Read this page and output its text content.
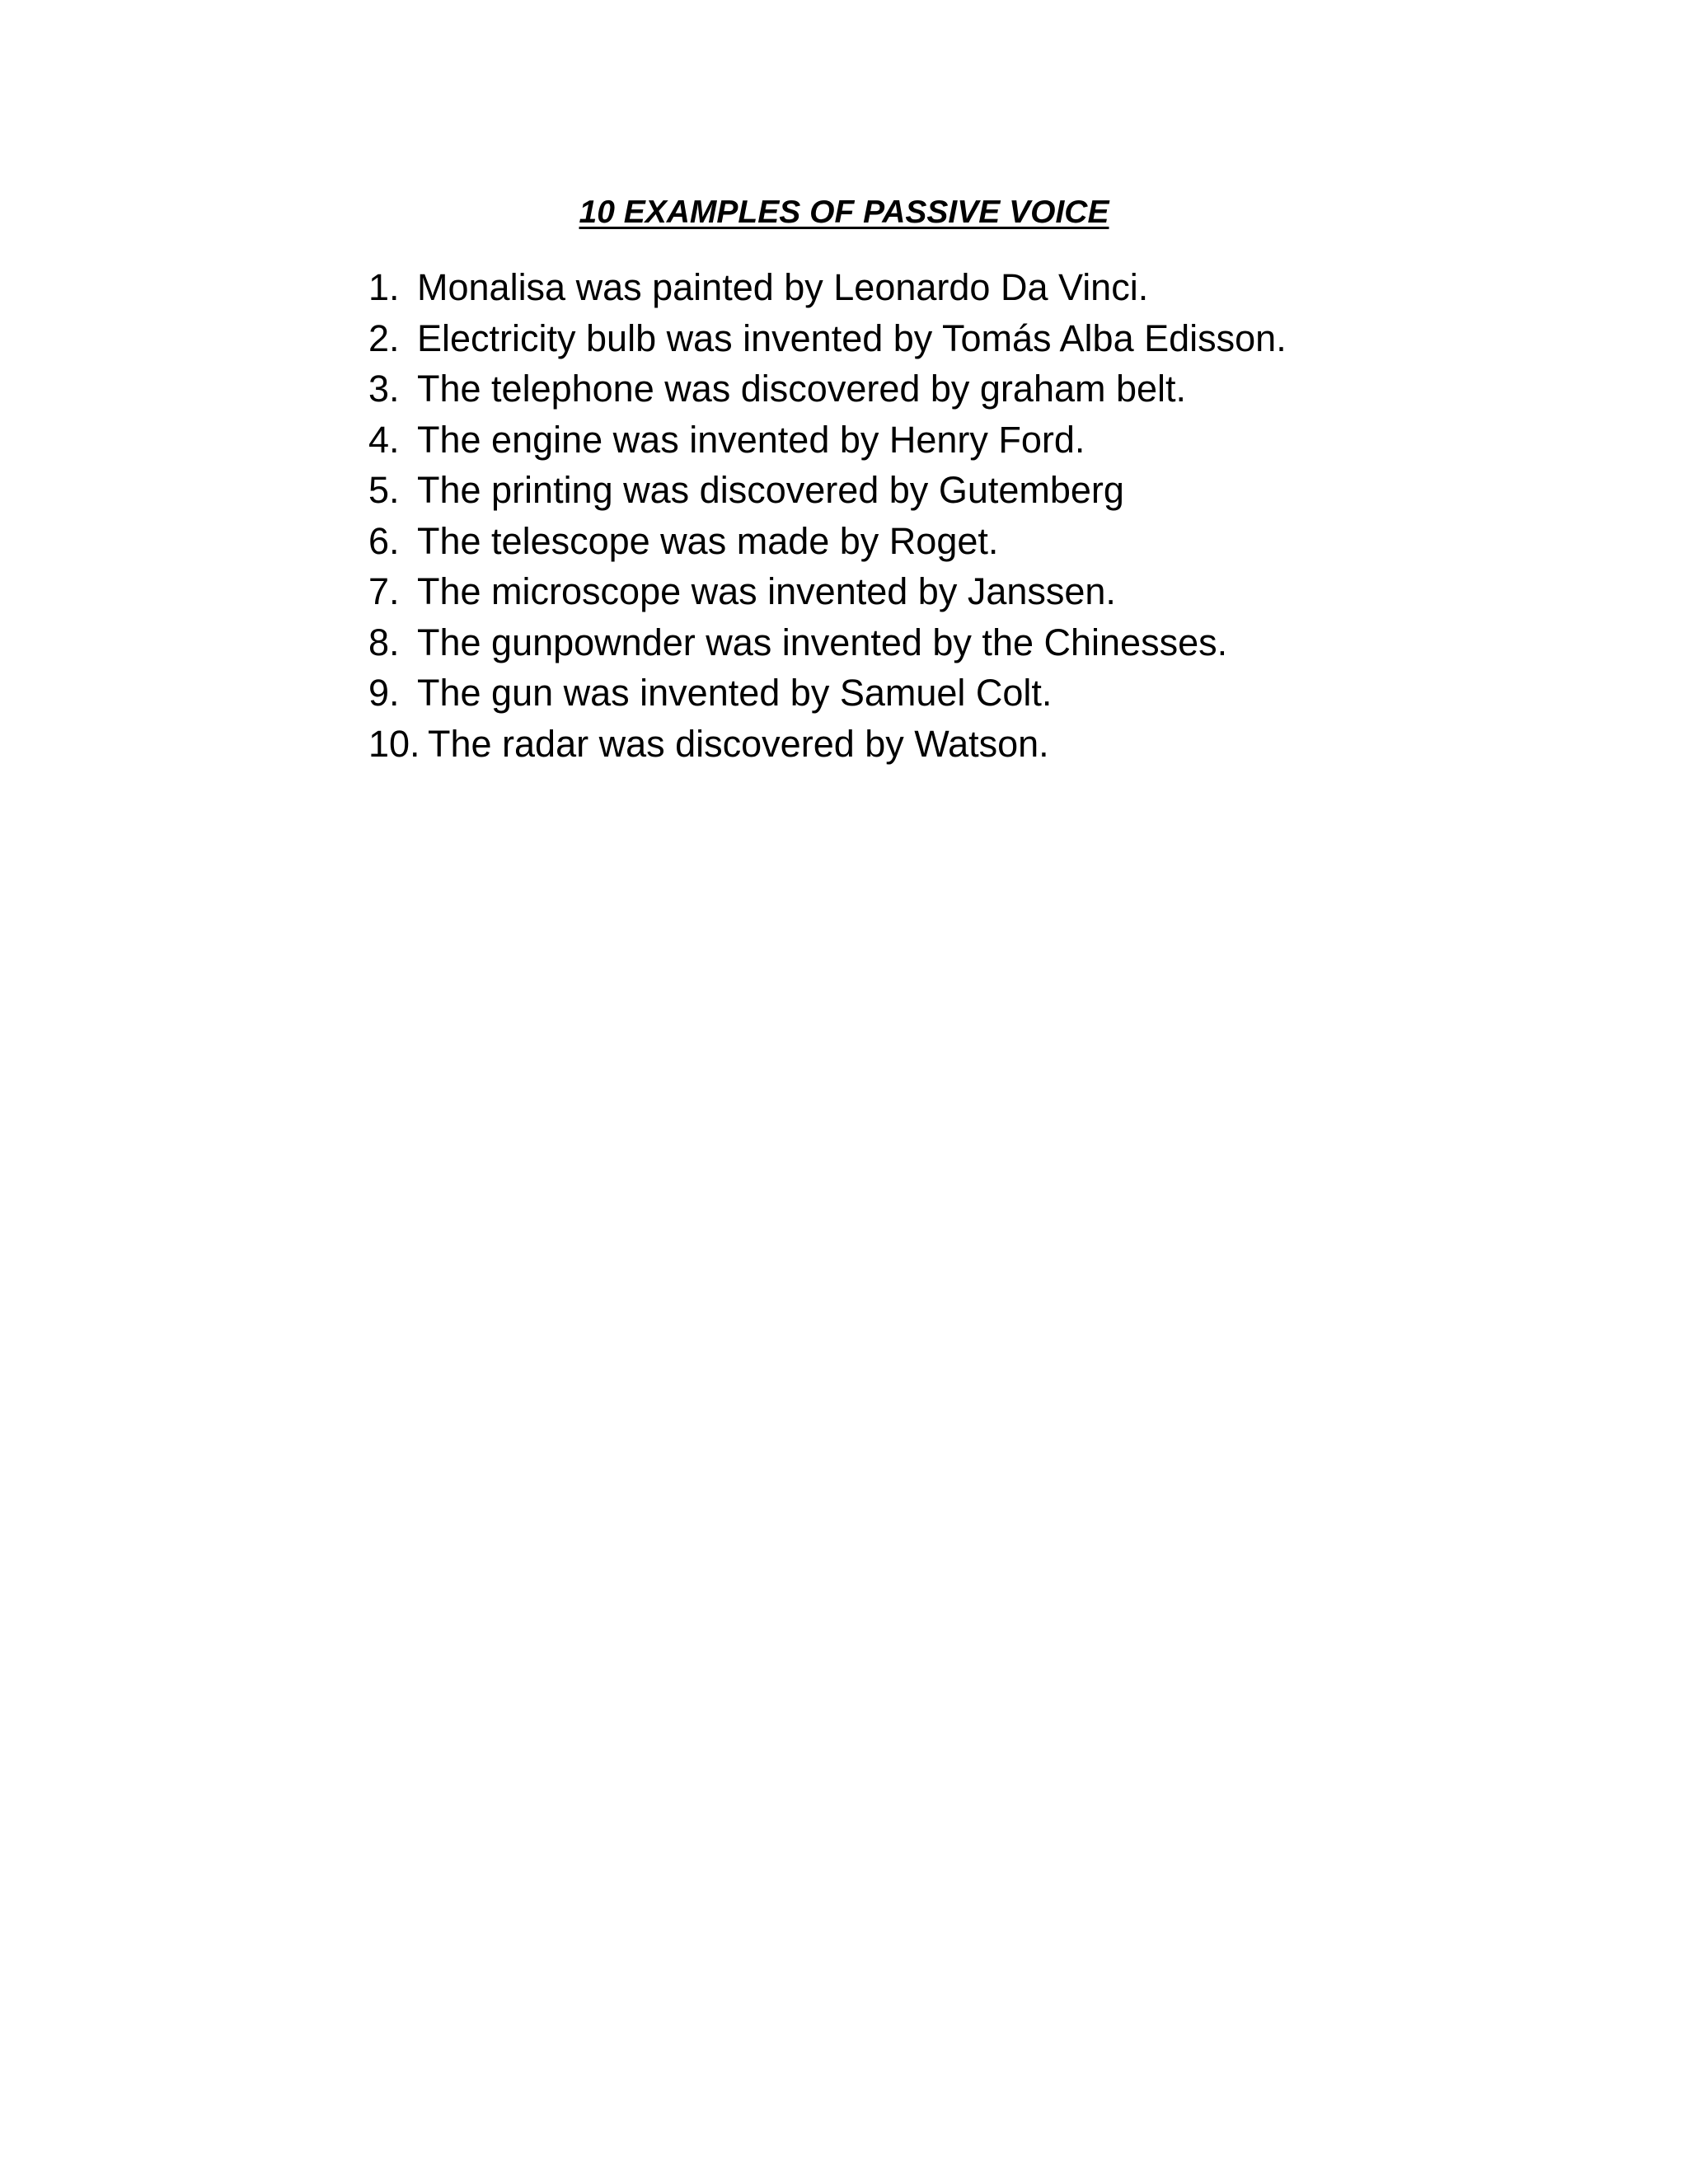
10 EXAMPLES OF PASSIVE VOICE
1. Monalisa was painted by Leonardo Da Vinci.
2. Electricity bulb was invented by Tomás Alba Edisson.
3. The telephone was discovered by graham belt.
4. The engine was invented by Henry Ford.
5. The printing was discovered by Gutemberg
6. The telescope was made by Roget.
7. The microscope was invented by Janssen.
8. The gunpownder was invented by the Chinesses.
9. The gun was invented by Samuel Colt.
10. The radar was discovered by Watson.
